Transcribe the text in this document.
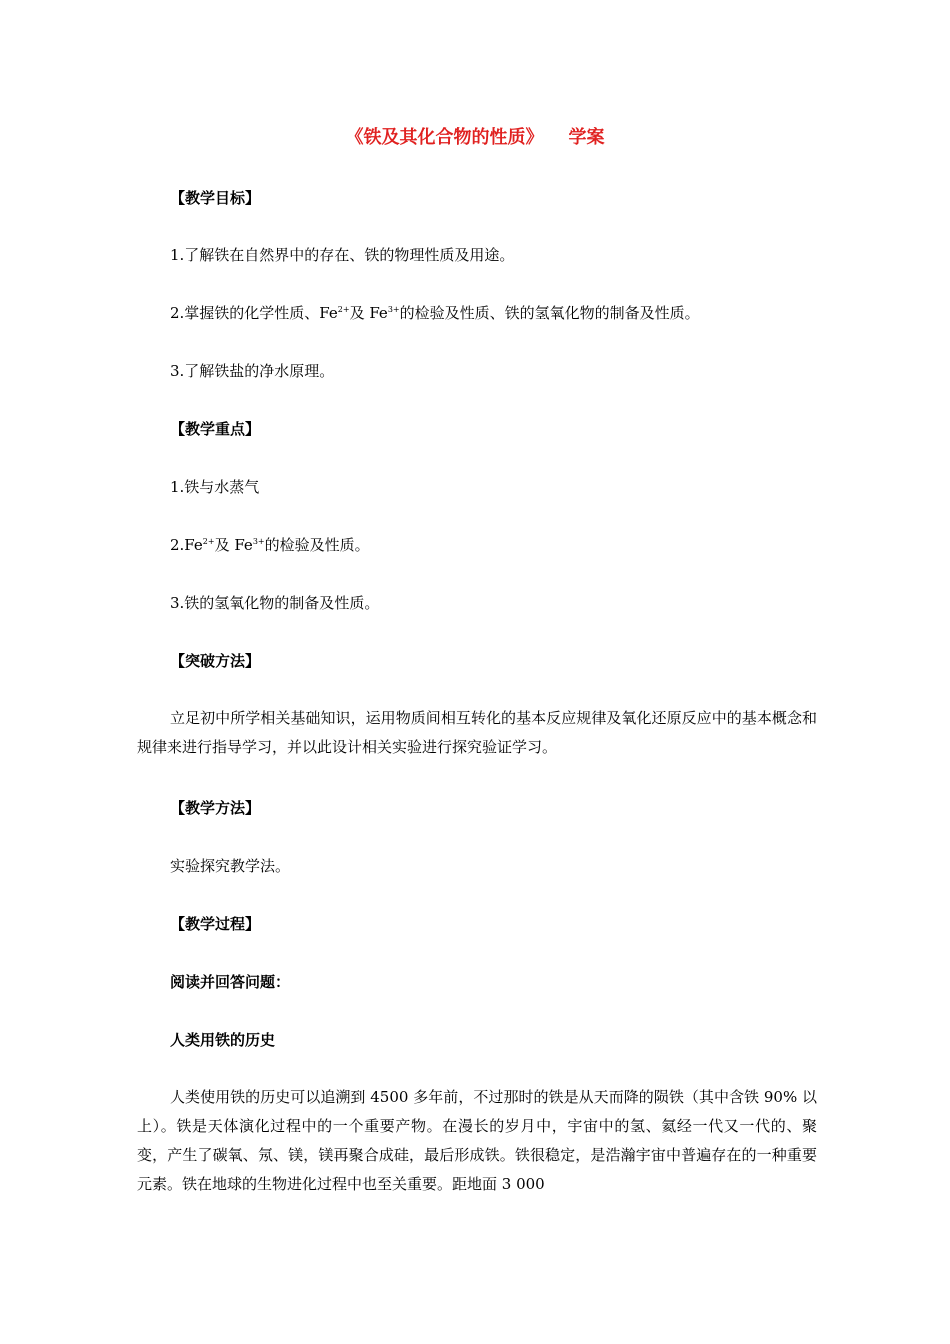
《铁及其化合物的性质》    学案
【教学目标】
1.了解铁在自然界中的存在、铁的物理性质及用途。
2.掌握铁的化学性质、$Fe^{2+}$及 $Fe^{3+}$的检验及性质、铁的氢氧化物的制备及性质。
3.了解铁盐的净水原理。
【教学重点】
1.铁与水蒸气
$2.Fe^{2+}$及 $Fe^{3+}$的检验及性质。
3.铁的氢氧化物的制备及性质。
【突破方法】
立足初中所学相关基础知识，运用物质间相互转化的基本反应规律及氧化还原反应中的基本概念和规律来进行指导学习，并以此设计相关实验进行探究验证学习。
【教学方法】
实验探究教学法。
【教学过程】
阅读并回答问题：
人类用铁的历史
人类使用铁的历史可以追溯到 4500 多年前，不过那时的铁是从天而降的陨铁（其中含铁 90% 以上）。铁是天体演化过程中的一个重要产物。在漫长的岁月中，宇宙中的氢、氦经一代又一代的、聚变，产生了碳氧、氖、镁，镁再聚合成硅，最后形成铁。铁很稳定，是浩瀚宇宙中普遍存在的一种重要元素。铁在地球的生物进化过程中也至关重要。距地面 3 000
